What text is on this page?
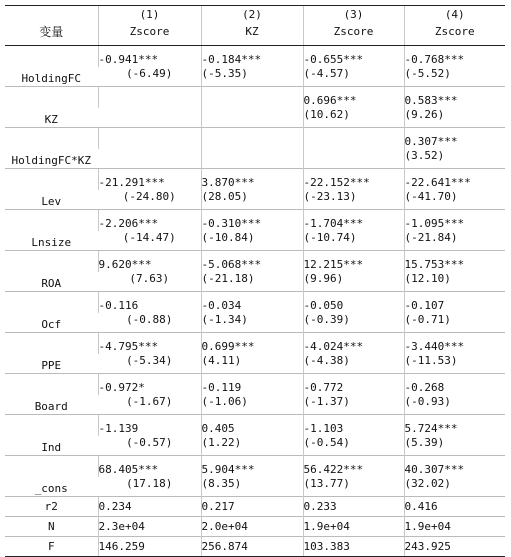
	(1)	(2)	(3)	(4)
变量	Zscore	KZ	Zscore	Zscore
HoldingFC	-0.941***	-0.184***	-0.655***	-0.768***
	(-6.49)	(-5.35)	(-4.57)	(-5.52)
KZ			0.696***	0.583***
			(10.62)	(9.26)
HoldingFC*KZ				0.307***
				(3.52)
Lev	-21.291***	3.870***	-22.152***	-22.641***
	(-24.80)	(28.05)	(-23.13)	(-41.70)
Lnsize	-2.206***	-0.310***	-1.704***	-1.095***
	(-14.47)	(-10.84)	(-10.74)	(-21.84)
ROA	9.620***	-5.068***	12.215***	15.753***
	(7.63)	(-21.18)	(9.96)	(12.10)
Ocf	-0.116	-0.034	-0.050	-0.107
	(-0.88)	(-1.34)	(-0.39)	(-0.71)
PPE	-4.795***	0.699***	-4.024***	-3.440***
	(-5.34)	(4.11)	(-4.38)	(-11.53)
Board	-0.972*	-0.119	-0.772	-0.268
	(-1.67)	(-1.06)	(-1.37)	(-0.93)
Ind	-1.139	0.405	-1.103	5.724***
	(-0.57)	(1.22)	(-0.54)	(5.39)
_cons	68.405***	5.904***	56.422***	40.307***
	(17.18)	(8.35)	(13.77)	(32.02)
r2	0.234	0.217	0.233	0.416
N	2.3e+04	2.0e+04	1.9e+04	1.9e+04
F	146.259	256.874	103.383	243.925
